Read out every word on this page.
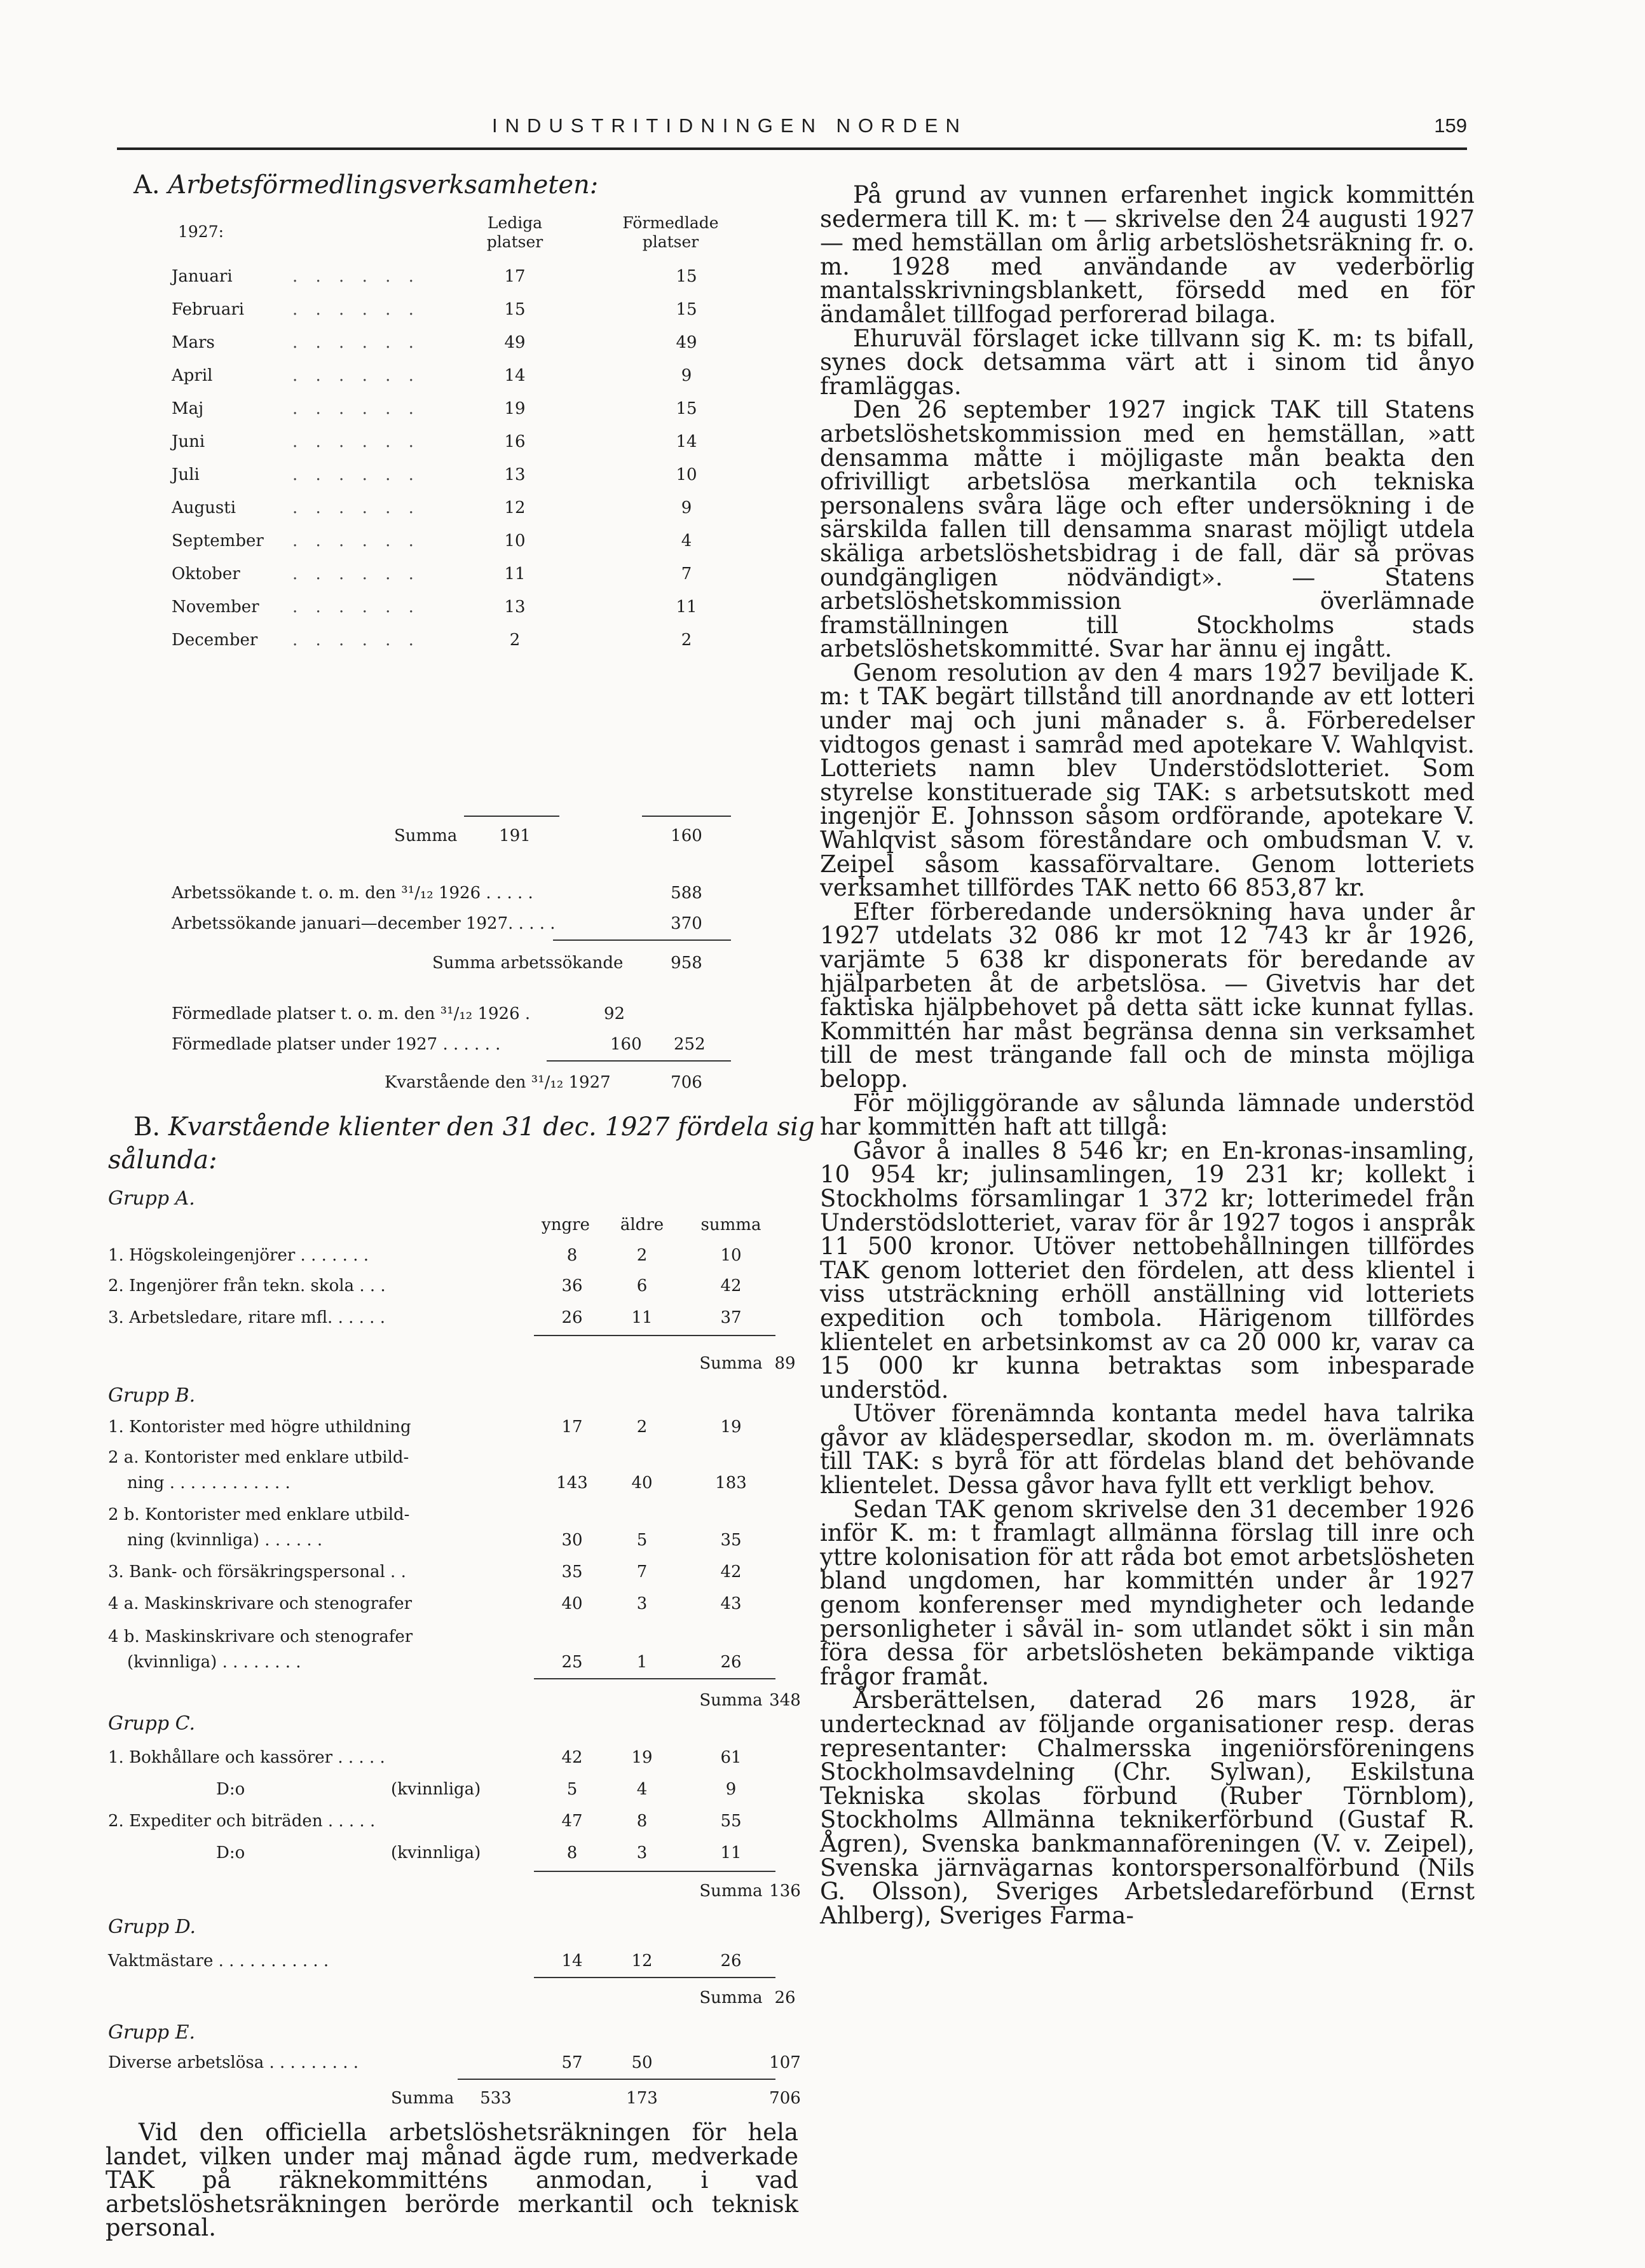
INDUSTRITIDNINGEN NORDEN	159
A. Arbetsförmedlingsverksamheten:
1927:	Lediga platser
Förmedlade platser
Januari	. . . . . .	17	15
Februari	. . . . . .	15	15
Mars	. . . . . .	49	49
April	. . . . . .	14	9
Maj	. . . . . .	19	15
Juni	. . . . . .	16	14
Juli	. . . . . .	13	10
Augusti	. . . . . .	12	9
September . . . . . .	10	4
Oktober	. . . . . .	11	7
November . . . . . .	13	11
December . . . . . .	2	2
Summa	191	160
Arbetssökande t. o. m. den ³¹/₁₂ 1926 . . . . .	588
Arbetssökande januari—december 1927. . . . .	370
Summa arbetssökande	958
Förmedlade platser t. o. m. den ³¹/₁₂ 1926 .	92
Förmedlade platser under 1927 . . . . . .	160 252
Kvarstående den ³¹/₁₂ 1927	706
B. Kvarstående klienter den 31 dec. 1927 fördela sig
sålunda:
Grupp A.
yngre	äldre	summa
1. Högskoleingenjörer . . . . . . .	8	2	10
2. Ingenjörer från tekn. skola . . .	36	6	42
3. Arbetsledare, ritare mfl. . . . . .	26	11	37
Summa 89
Grupp B.
1. Kontorister med högre uthildning	17	2	19
2 a. Kontorister med enklare utbild-
ning . . . . . . . . . . . .	143	40	183
2 b. Kontorister med enklare utbild-
ning (kvinnliga) . . . . . .	30	5	35
3. Bank- och försäkringspersonal . .	35	7	42
4 a. Maskinskrivare och stenografer	40	3	43
4 b. Maskinskrivare och stenografer
(kvinnliga) . . . . . . . .	25	1	26
Summa 348
Grupp C.
1. Bokhållare och kassörer . . . . .	42	19	61
D:o	(kvinnliga)	5	4	9
2. Expediter och biträden . . . . .	47	8	55
D:o	(kvinnliga)	8	3	11
Summa 136
Grupp D.
Vaktmästare . . . . . . . . . . .	14	12	26
Summa 26
Grupp E.
Diverse arbetslösa . . . . . . . . .	57	50	107
Summa	533	173	706

Vid den officiella arbetslöshetsräkningen för hela landet, vilken under maj månad ägde rum, medverkade TAK på räknekommitténs anmodan, i vad arbetslöshetsräkningen berörde merkantil och teknisk personal.

På grund av vunnen erfarenhet ingick kommittén sedermera till K. m: t — skrivelse den 24 augusti 1927 — med hemställan om årlig arbetslöshetsräkning fr. o. m. 1928 med användande av vederbörlig mantalsskrivningsblankett, försedd med en för ändamålet tillfogad perforerad bilaga.

Ehuruväl förslaget icke tillvann sig K. m: ts bifall, synes dock detsamma värt att i sinom tid ånyo framläggas.

Den 26 september 1927 ingick TAK till Statens arbetslöshetskommission med en hemställan, »att densamma måtte i möjligaste mån beakta den ofrivilligt arbetslösa merkantila och tekniska personalens svåra läge och efter undersökning i de särskilda fallen till densamma snarast möjligt utdela skäliga arbetslöshetsbidrag i de fall, där så prövas oundgängligen nödvändigt». — Statens arbetslöshetskommission överlämnade framställningen till Stockholms stads arbetslöshetskommitté. Svar har ännu ej ingått.

Genom resolution av den 4 mars 1927 beviljade K. m: t TAK begärt tillstånd till anordnande av ett lotteri under maj och juni månader s. å. Förberedelser vidtogos genast i samråd med apotekare V. Wahlqvist. Lotteriets namn blev Understödslotteriet. Som styrelse konstituerade sig TAK: s arbetsutskott med ingenjör E. Johnsson såsom ordförande, apotekare V. Wahlqvist såsom föreståndare och ombudsman V. v. Zeipel såsom kassaförvaltare. Genom lotteriets verksamhet tillfördes TAK netto 66 853,87 kr.

Efter förberedande undersökning hava under år 1927 utdelats 32 086 kr mot 12 743 kr år 1926, varjämte 5 638 kr disponerats för beredande av hjälparbeten åt de arbetslösa. — Givetvis har det faktiska hjälpbehovet på detta sätt icke kunnat fyllas. Kommittén har måst begränsa denna sin verksamhet till de mest trängande fall och de minsta möjliga belopp.

För möjliggörande av sålunda lämnade understöd har kommittén haft att tillgå:

Gåvor å inalles 8 546 kr; en En-kronas-insamling, 10 954 kr; julinsamlingen, 19 231 kr; kollekt i Stockholms församlingar 1 372 kr; lotterimedel från Understödslotteriet, varav för år 1927 togos i anspråk 11 500 kronor. Utöver nettobehållningen tillfördes TAK genom lotteriet den fördelen, att dess klientel i viss utsträckning erhöll anställning vid lotteriets expedition och tombola. Härigenom tillfördes klientelet en arbetsinkomst av ca 20 000 kr, varav ca 15 000 kr kunna betraktas som inbesparade understöd.

Utöver förenämnda kontanta medel hava talrika gåvor av klädespersedlar, skodon m. m. överlämnats till TAK: s byrå för att fördelas bland det behövande klientelet. Dessa gåvor hava fyllt ett verkligt behov.

Sedan TAK genom skrivelse den 31 december 1926 inför K. m: t framlagt allmänna förslag till inre och yttre kolonisation för att råda bot emot arbetslösheten bland ungdomen, har kommittén under år 1927 genom konferenser med myndigheter och ledande personligheter i såväl in- som utlandet sökt i sin mån föra dessa för arbetslösheten bekämpande viktiga frågor framåt.

Årsberättelsen, daterad 26 mars 1928, är undertecknad av följande organisationer resp. deras representanter: Chalmersska ingeniörsföreningens Stockholmsavdelning (Chr. Sylwan), Eskilstuna Tekniska skolas förbund (Ruber Törnblom), Stockholms Allmänna teknikerförbund (Gustaf R. Ågren), Svenska bankmannaföreningen (V. v. Zeipel), Svenska järnvägarnas kontorspersonalförbund (Nils G. Olsson), Sveriges Arbetsledareförbund (Ernst Ahlberg), Sveriges Farma-
